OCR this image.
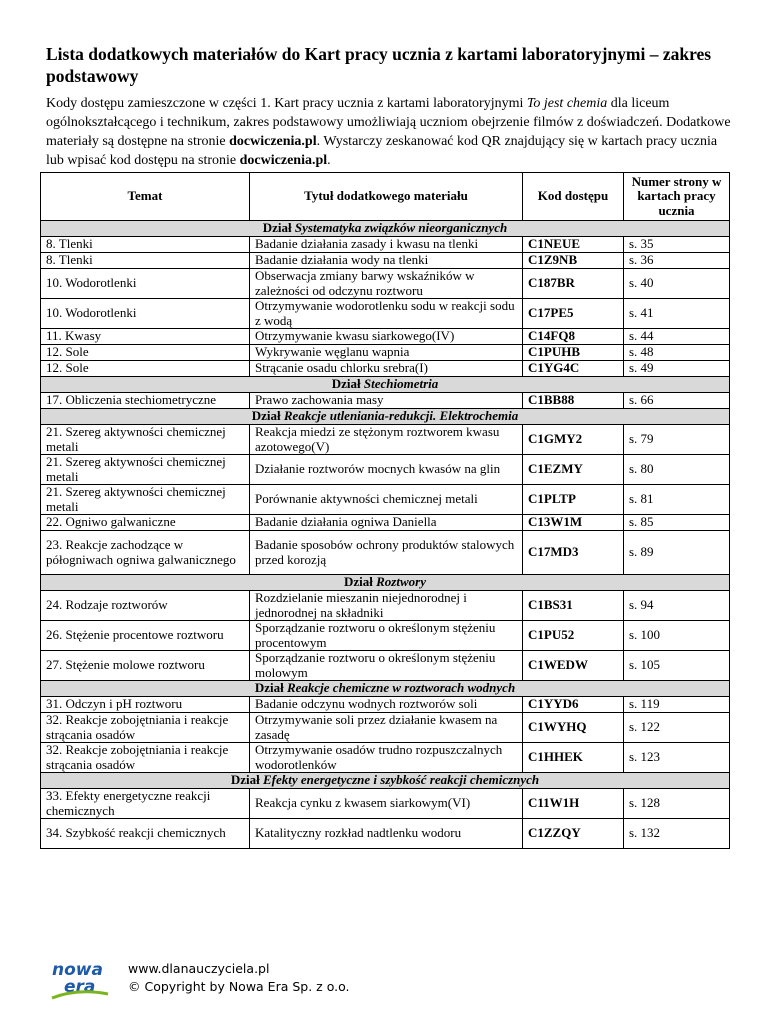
Lista dodatkowych materiałów do Kart pracy ucznia z kartami laboratoryjnymi – zakres podstawowy

Kody dostępu zamieszczone w części 1. Kart pracy ucznia z kartami laboratoryjnymi To jest chemia dla liceum ogólnokształcącego i technikum, zakres podstawowy umożliwiają uczniom obejrzenie filmów z doświadczeń. Dodatkowe materiały są dostępne na stronie docwiczenia.pl. Wystarczy zeskanować kod QR znajdujący się w kartach pracy ucznia lub wpisać kod dostępu na stronie docwiczenia.pl.

Temat	Tytuł dodatkowego materiału	Kod dostępu	Numer strony w kartach pracy ucznia
Dział Systematyka związków nieorganicznych			
8. Tlenki	Badanie działania zasady i kwasu na tlenki	C1NEUE	s. 35
8. Tlenki	Badanie działania wody na tlenki	C1Z9NB	s. 36
10. Wodorotlenki	Obserwacja zmiany barwy wskaźników w zależności od odczynu roztworu	C187BR	s. 40
10. Wodorotlenki	Otrzymywanie wodorotlenku sodu w reakcji sodu z wodą	C17PE5	s. 41
11. Kwasy	Otrzymywanie kwasu siarkowego(IV)	C14FQ8	s. 44
12. Sole	Wykrywanie węglanu wapnia	C1PUHB	s. 48
12. Sole	Strącanie osadu chlorku srebra(I)	C1YG4C	s. 49
Dział Stechiometria			
17. Obliczenia stechiometryczne	Prawo zachowania masy	C1BB88	s. 66
Dział Reakcje utleniania-redukcji. Elektrochemia			
21. Szereg aktywności chemicznej metali	Reakcja miedzi ze stężonym roztworem kwasu azotowego(V)	C1GMY2	s. 79
21. Szereg aktywności chemicznej metali	Działanie roztworów mocnych kwasów na glin	C1EZMY	s. 80
21. Szereg aktywności chemicznej metali	Porównanie aktywności chemicznej metali	C1PLTP	s. 81
22. Ogniwo galwaniczne	Badanie działania ogniwa Daniella	C13W1M	s. 85
23. Reakcje zachodzące w półogniwach ogniwa galwanicznego	Badanie sposobów ochrony produktów stalowych przed korozją	C17MD3	s. 89
Dział Roztwory			
24. Rodzaje roztworów	Rozdzielanie mieszanin niejednorodnej i jednorodnej na składniki	C1BS31	s. 94
26. Stężenie procentowe roztworu	Sporządzanie roztworu o określonym stężeniu procentowym	C1PU52	s. 100
27. Stężenie molowe roztworu	Sporządzanie roztworu o określonym stężeniu molowym	C1WEDW	s. 105
Dział Reakcje chemiczne w roztworach wodnych			
31. Odczyn i pH roztworu	Badanie odczynu wodnych roztworów soli	C1YYD6	s. 119
32. Reakcje zobojętniania i reakcje strącania osadów	Otrzymywanie soli przez działanie kwasem na zasadę	C1WYHQ	s. 122
32. Reakcje zobojętniania i reakcje strącania osadów	Otrzymywanie osadów trudno rozpuszczalnych wodorotlenków	C1HHEK	s. 123
Dział Efekty energetyczne i szybkość reakcji chemicznych			
33. Efekty energetyczne reakcji chemicznych	Reakcja cynku z kwasem siarkowym(VI)	C11W1H	s. 128
34. Szybkość reakcji chemicznych	Katalityczny rozkład nadtlenku wodoru	C1ZZQY	s. 132
nowa
era
www.dlanauczyciela.pl
© Copyright by Nowa Era Sp. z o.o.
